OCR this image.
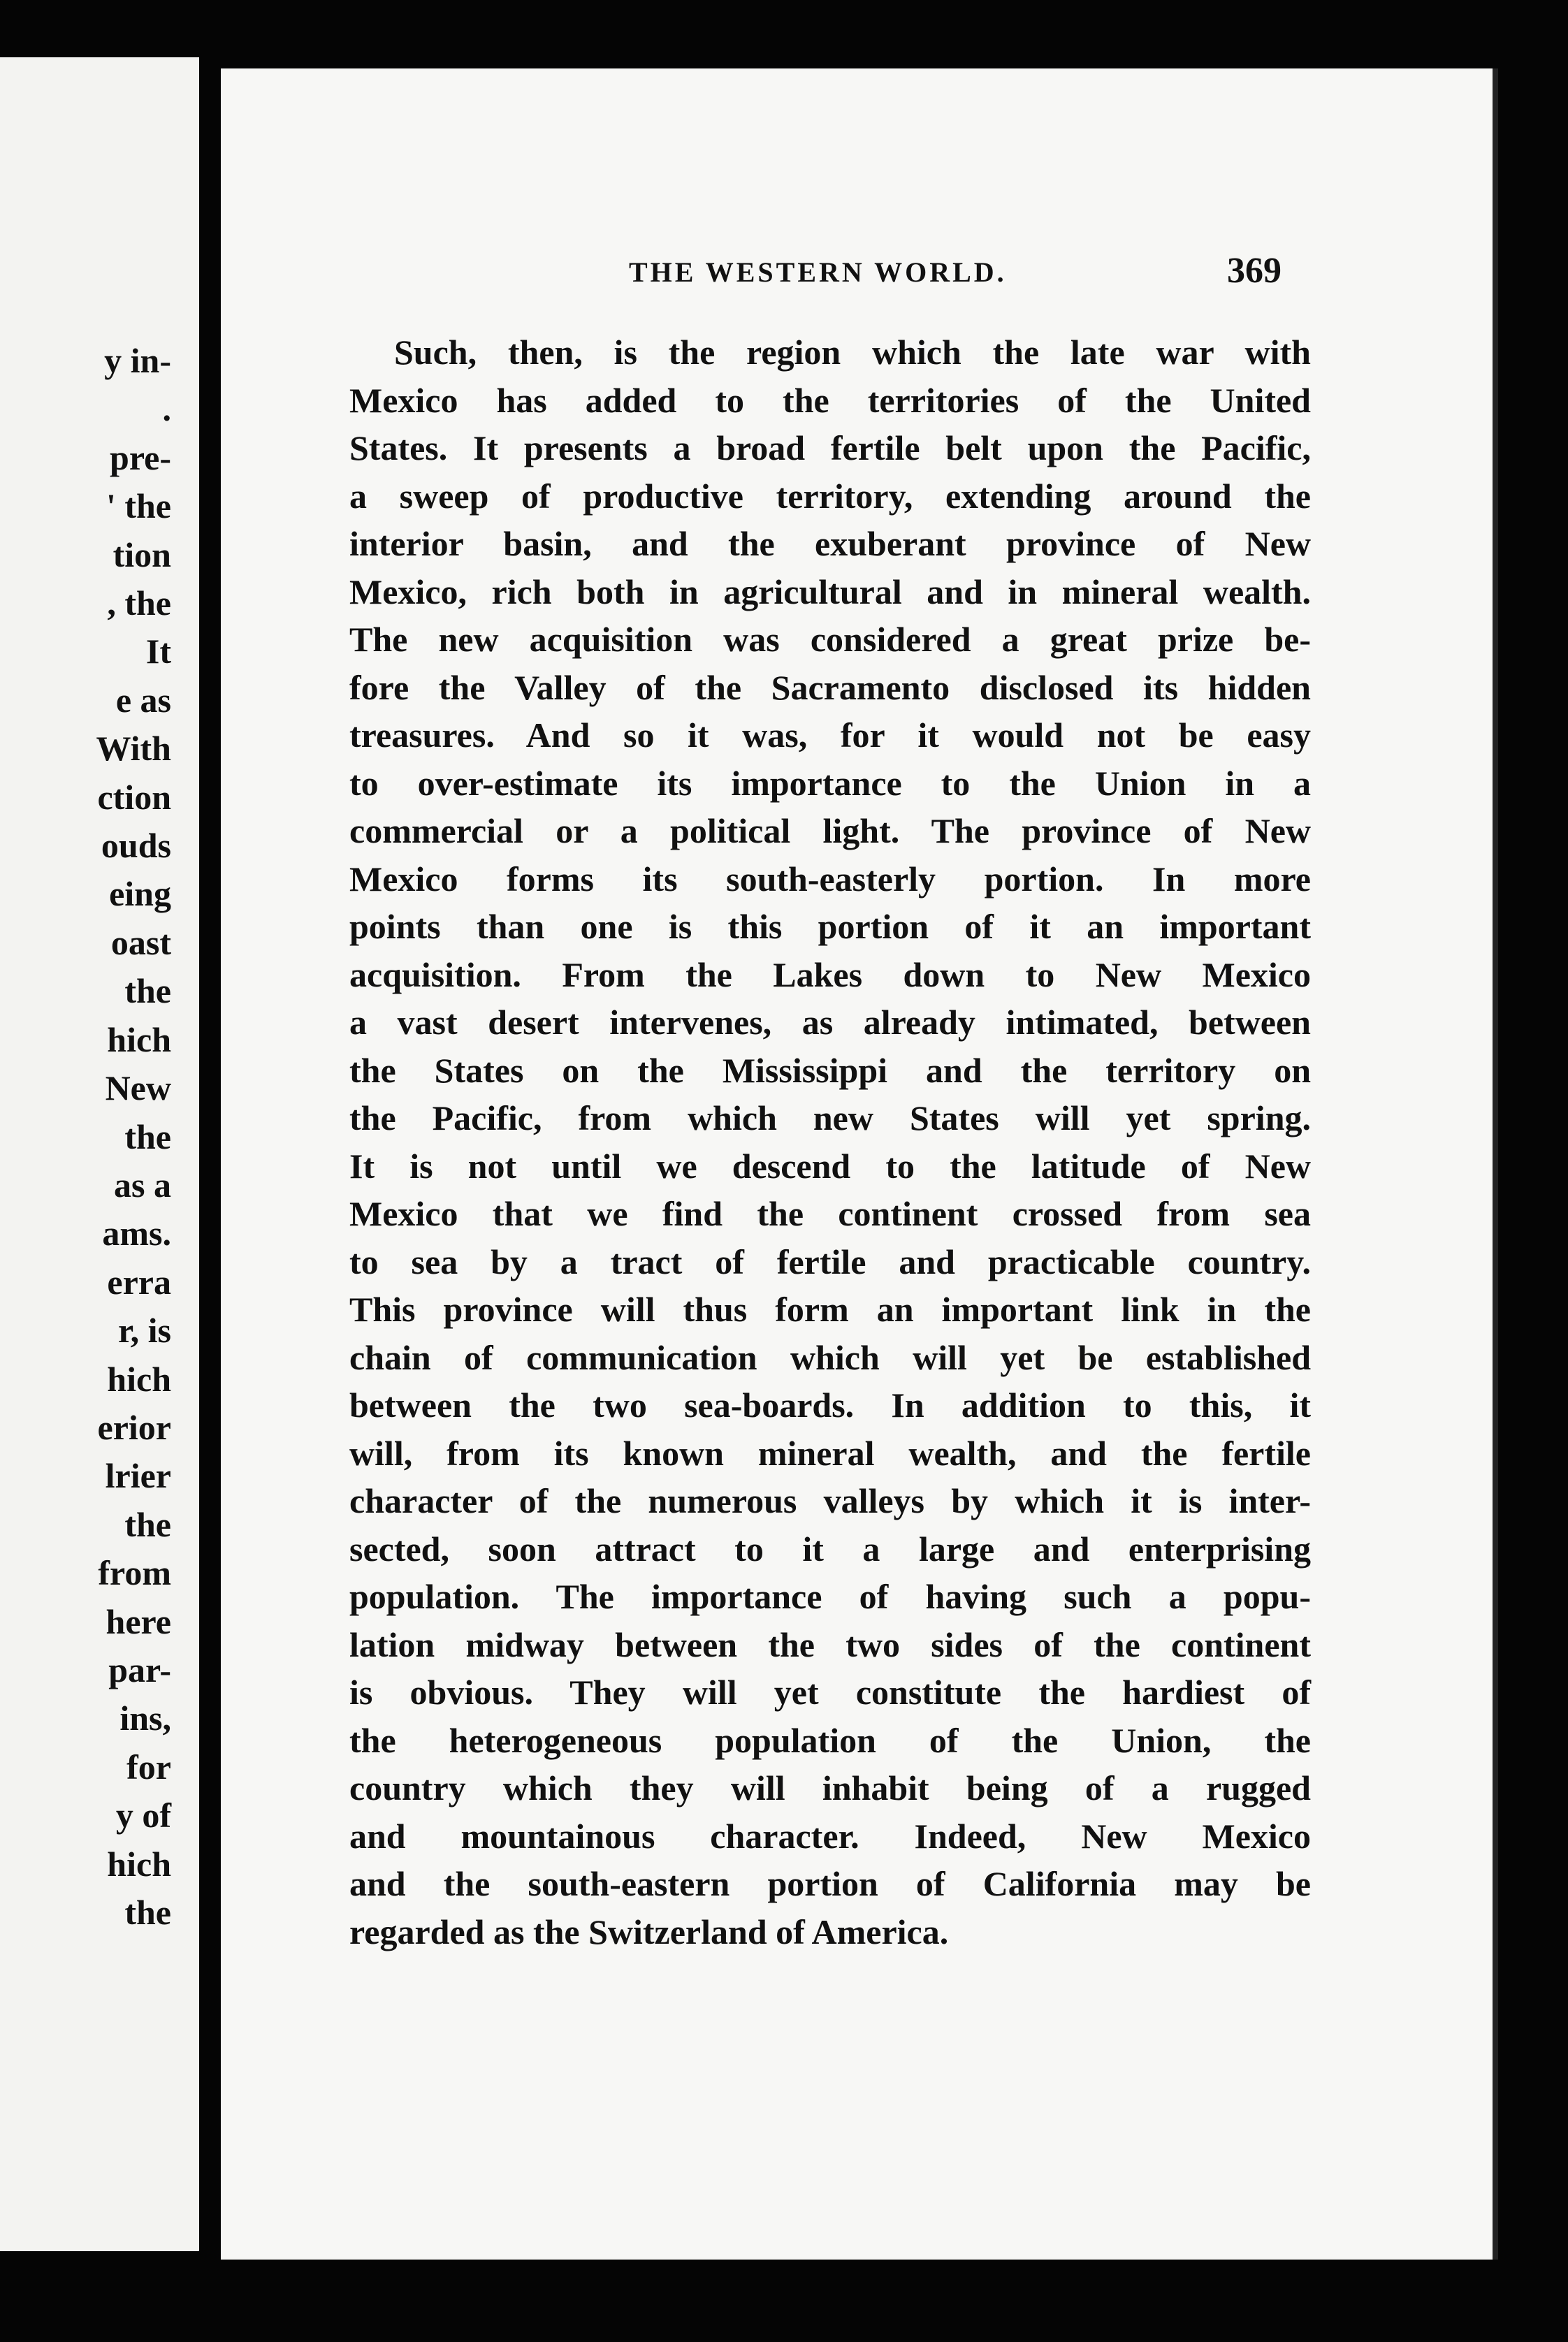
y in-
.
pre-
' the
tion
, the
It
e as
With
ction
ouds
eing
oast
the
hich
New
the
as a
ams.
erra
r, is
hich
erior
lrier
the
from
here
par-
ins,
for
y of
hich
the
THE WESTERN WORLD.	369
Such, then, is the region which the late war with
Mexico has added to the territories of the United
States. It presents a broad fertile belt upon the Pacific,
a sweep of productive territory, extending around the
interior basin, and the exuberant province of New
Mexico, rich both in agricultural and in mineral wealth.
The new acquisition was considered a great prize be-
fore the Valley of the Sacramento disclosed its hidden
treasures. And so it was, for it would not be easy
to over-estimate its importance to the Union in a
commercial or a political light. The province of New
Mexico forms its south-easterly portion. In more
points than one is this portion of it an important
acquisition. From the Lakes down to New Mexico
a vast desert intervenes, as already intimated, between
the States on the Mississippi and the territory on
the Pacific, from which new States will yet spring.
It is not until we descend to the latitude of New
Mexico that we find the continent crossed from sea
to sea by a tract of fertile and practicable country.
This province will thus form an important link in the
chain of communication which will yet be established
between the two sea-boards. In addition to this, it
will, from its known mineral wealth, and the fertile
character of the numerous valleys by which it is inter-
sected, soon attract to it a large and enterprising
population. The importance of having such a popu-
lation midway between the two sides of the continent
is obvious. They will yet constitute the hardiest of
the heterogeneous population of the Union, the
country which they will inhabit being of a rugged
and mountainous character. Indeed, New Mexico
and the south-eastern portion of California may be
regarded as the Switzerland of America.
